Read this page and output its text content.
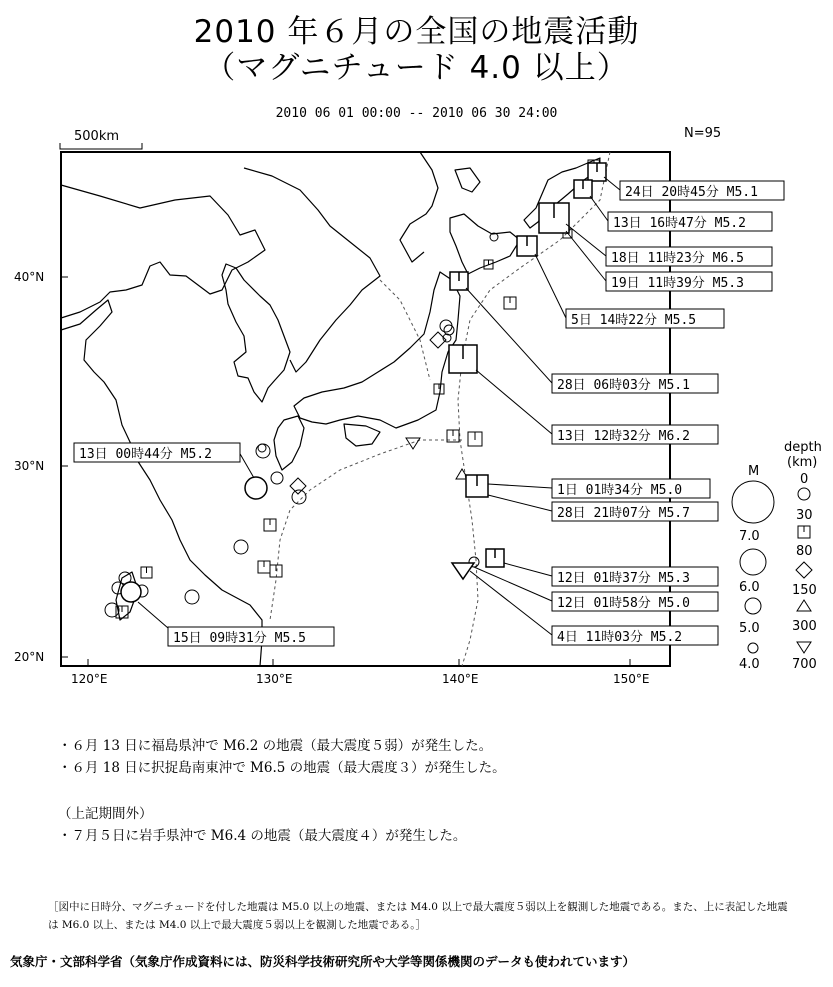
2010 年６月の全国の地震活動
（マグニチュード 4.0 以上）
2010 06 01 00:00 -- 2010 06 30 24:00
N=95
500km
40°N
30°N
20°N
120°E	130°E	140°E	150°E
24日 20時45分 M5.1
13日 16時47分 M5.2
18日 11時23分 M6.5
19日 11時39分 M5.3
5日 14時22分 M5.5
28日 06時03分 M5.1
13日 12時32分 M6.2
13日 00時44分 M5.2
1日 01時34分 M5.0
28日 21時07分 M5.7
12日 01時37分 M5.3
12日 01時58分 M5.0
4日 11時03分 M5.2
15日 09時31分 M5.5
M
7.0
6.0
5.0
4.0
depth
(km)
0
30
80
150
300
700
・６月 13 日に福島県沖で M6.2 の地震（最大震度５弱）が発生した。
・６月 18 日に択捉島南東沖で M6.5 の地震（最大震度３）が発生した。
（上記期間外）
・７月５日に岩手県沖で M6.4 の地震（最大震度４）が発生した。
［図中に日時分、マグニチュードを付した地震は M5.0 以上の地震、または M4.0 以上で最大震度５弱以上を観測した地震である。また、上に表記した地震は M6.0 以上、または M4.0 以上で最大震度５弱以上を観測した地震である。］
気象庁・文部科学省（気象庁作成資料には、防災科学技術研究所や大学等関係機関のデータも使われています）
